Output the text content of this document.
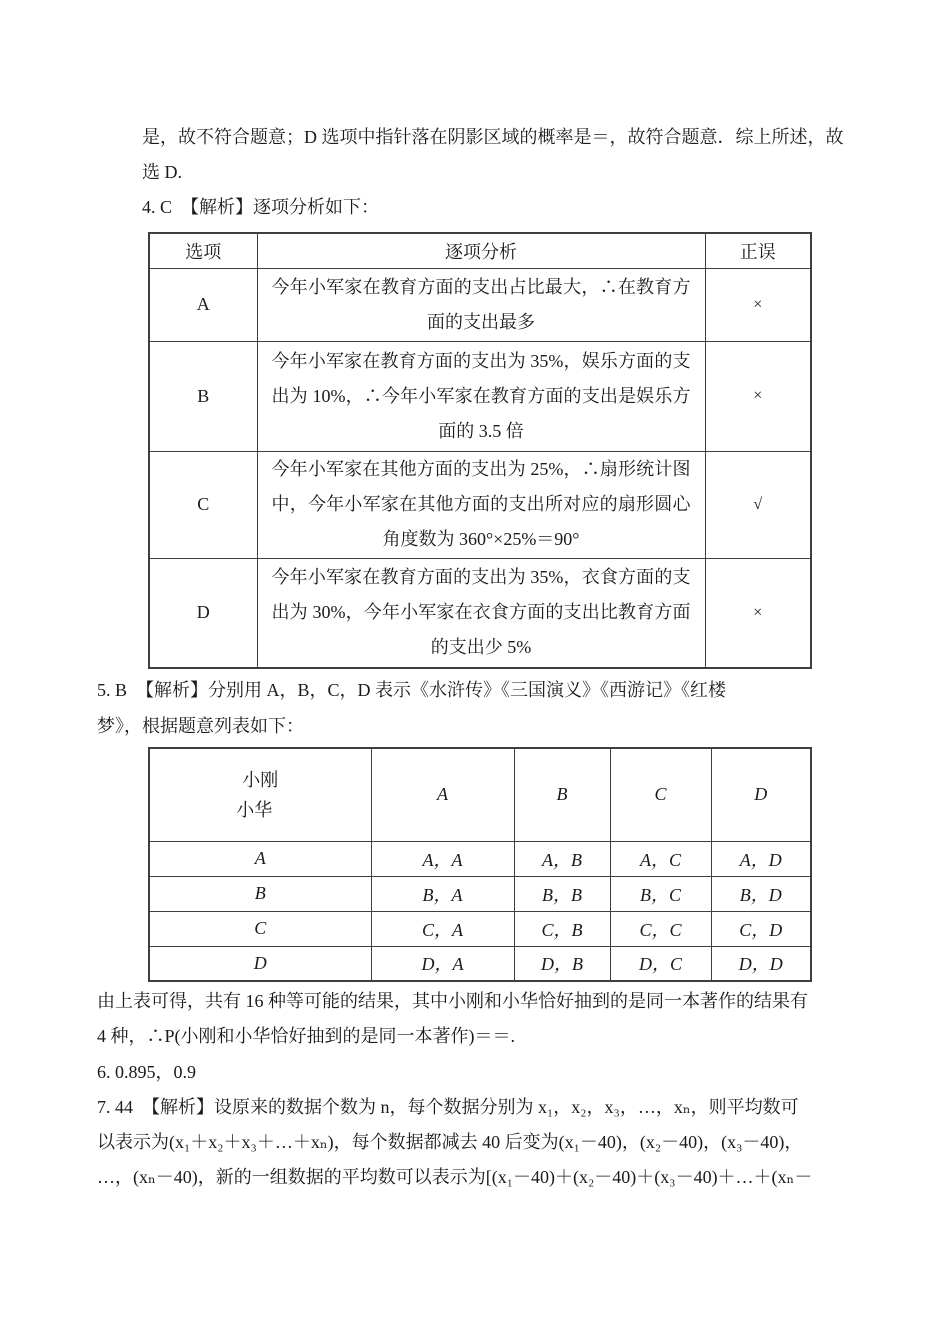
是，故不符合题意；D 选项中指针落在阴影区域的概率是＝，故符合题意．综上所述，故
选 D.
4. C　【解析】逐项分析如下：
选项	逐项分析	正误
A	今年小军家在教育方面的支出占比最大，∴在教育方面的支出最多	×
B	今年小军家在教育方面的支出为 35%，娱乐方面的支出为 10%，∴今年小军家在教育方面的支出是娱乐方面的 3.5 倍	×
C	今年小军家在其他方面的支出为 25%，∴扇形统计图中，今年小军家在其他方面的支出所对应的扇形圆心角度数为 360°×25%＝90°	√
D	今年小军家在教育方面的支出为 35%，衣食方面的支出为 30%，今年小军家在衣食方面的支出比教育方面的支出少 5%	×
5. B　【解析】分别用 A，B，C，D 表示《水浒传》《三国演义》《西游记》《红楼
梦》，根据题意列表如下：
小刚
小华	A	B	C	D
A	A，A	A，B	A，C	A，D
B	B，A	B，B	B，C	B，D
C	C，A	C，B	C，C	C，D
D	D，A	D，B	D，C	D，D
由上表可得，共有 16 种等可能的结果，其中小刚和小华恰好抽到的是同一本著作的结果有
4 种，∴P(小刚和小华恰好抽到的是同一本著作)＝＝.
6. 0.895，0.9
7. 44　【解析】设原来的数据个数为 n，每个数据分别为 x₁，x₂，x₃，…，xₙ，则平均数可
以表示为(x₁＋x₂＋x₃＋…＋xₙ)，每个数据都减去 40 后变为(x₁－40)，(x₂－40)，(x₃－40)，
…，(xₙ－40)，新的一组数据的平均数可以表示为[(x₁－40)＋(x₂－40)＋(x₃－40)＋…＋(xₙ－
